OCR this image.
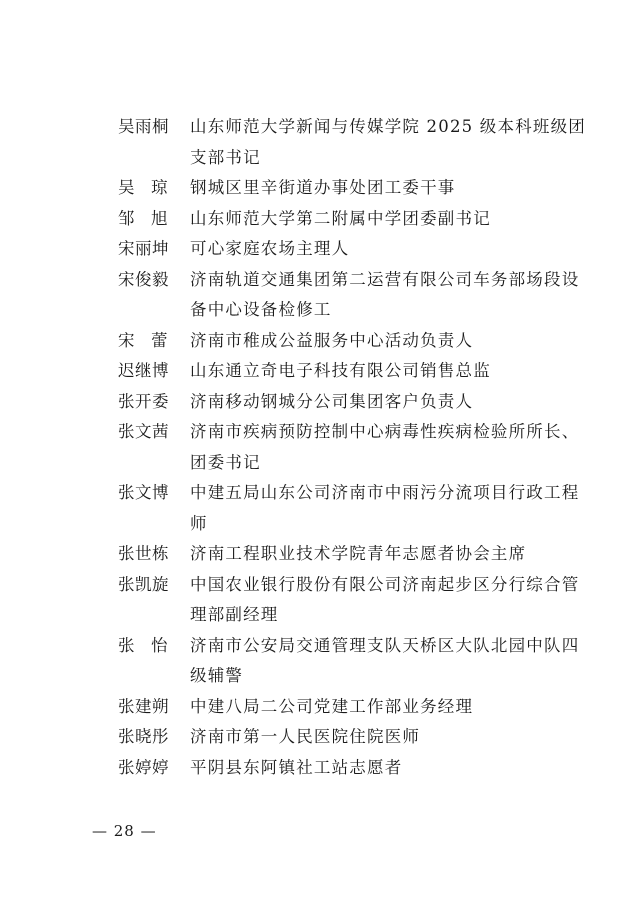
吴雨桐	山东师范大学新闻与传媒学院 2025 级本科班级团支部书记
吴　琼	钢城区里辛街道办事处团工委干事
邹　旭	山东师范大学第二附属中学团委副书记
宋丽坤	可心家庭农场主理人
宋俊毅	济南轨道交通集团第二运营有限公司车务部场段设备中心设备检修工
宋　蕾	济南市稚成公益服务中心活动负责人
迟继博	山东通立奇电子科技有限公司销售总监
张开委	济南移动钢城分公司集团客户负责人
张文茜	济南市疾病预防控制中心病毒性疾病检验所所长、团委书记
张文博	中建五局山东公司济南市中雨污分流项目行政工程师
张世栋	济南工程职业技术学院青年志愿者协会主席
张凯旋	中国农业银行股份有限公司济南起步区分行综合管理部副经理
张　怡	济南市公安局交通管理支队天桥区大队北园中队四级辅警
张建朔	中建八局二公司党建工作部业务经理
张晓彤	济南市第一人民医院住院医师
张婷婷	平阴县东阿镇社工站志愿者
— 28 —
